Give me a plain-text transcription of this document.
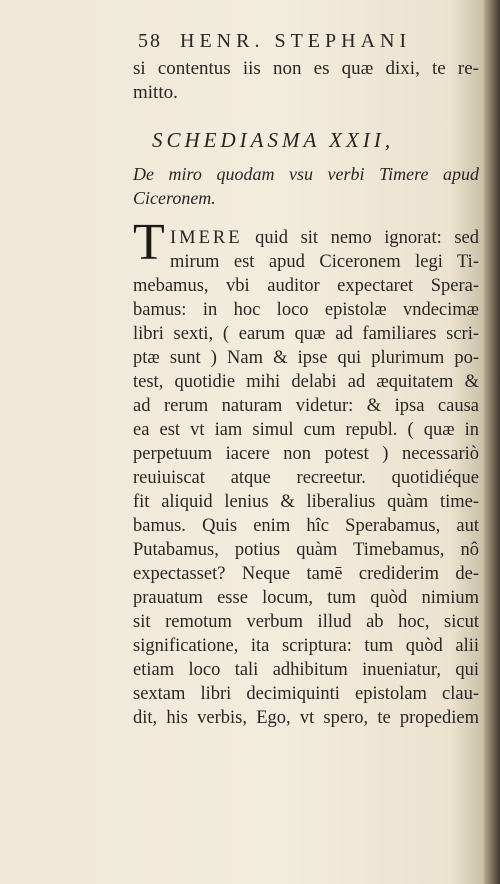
58 HENR. STEPHANI
si contentus iis non es quæ dixi, te re-
mitto.
SCHEDIASMA XXII,
De miro quodam vsu verbi Timere apud
Ciceronem.
T IMERE quid sit nemo ignorat: sed
mirum est apud Ciceronem legi Ti-
mebamus, vbi auditor expectaret Spera-
bamus: in hoc loco epistolæ vndecimæ
libri sexti, ( earum quæ ad familiares scri-
ptæ sunt ) Nam & ipse qui plurimum po-
test, quotidie mihi delabi ad æquitatem &
ad rerum naturam videtur: & ipsa causa
ea est vt iam simul cum republ. ( quæ in
perpetuum iacere non potest ) necessariò
reuiuiscat atque recreetur. quotidiéque
fit aliquid lenius & liberalius quàm time-
bamus. Quis enim hîc Sperabamus, aut
Putabamus, potius quàm Timebamus, nô
expectasset? Neque tamē crediderim de-
prauatum esse locum, tum quòd nimium
sit remotum verbum illud ab hoc, sicut
significatione, ita scriptura: tum quòd alii
etiam loco tali adhibitum inueniatur, qui
sextam libri decimiquinti epistolam clau-
dit, his verbis, Ego, vt spero, te propediem
